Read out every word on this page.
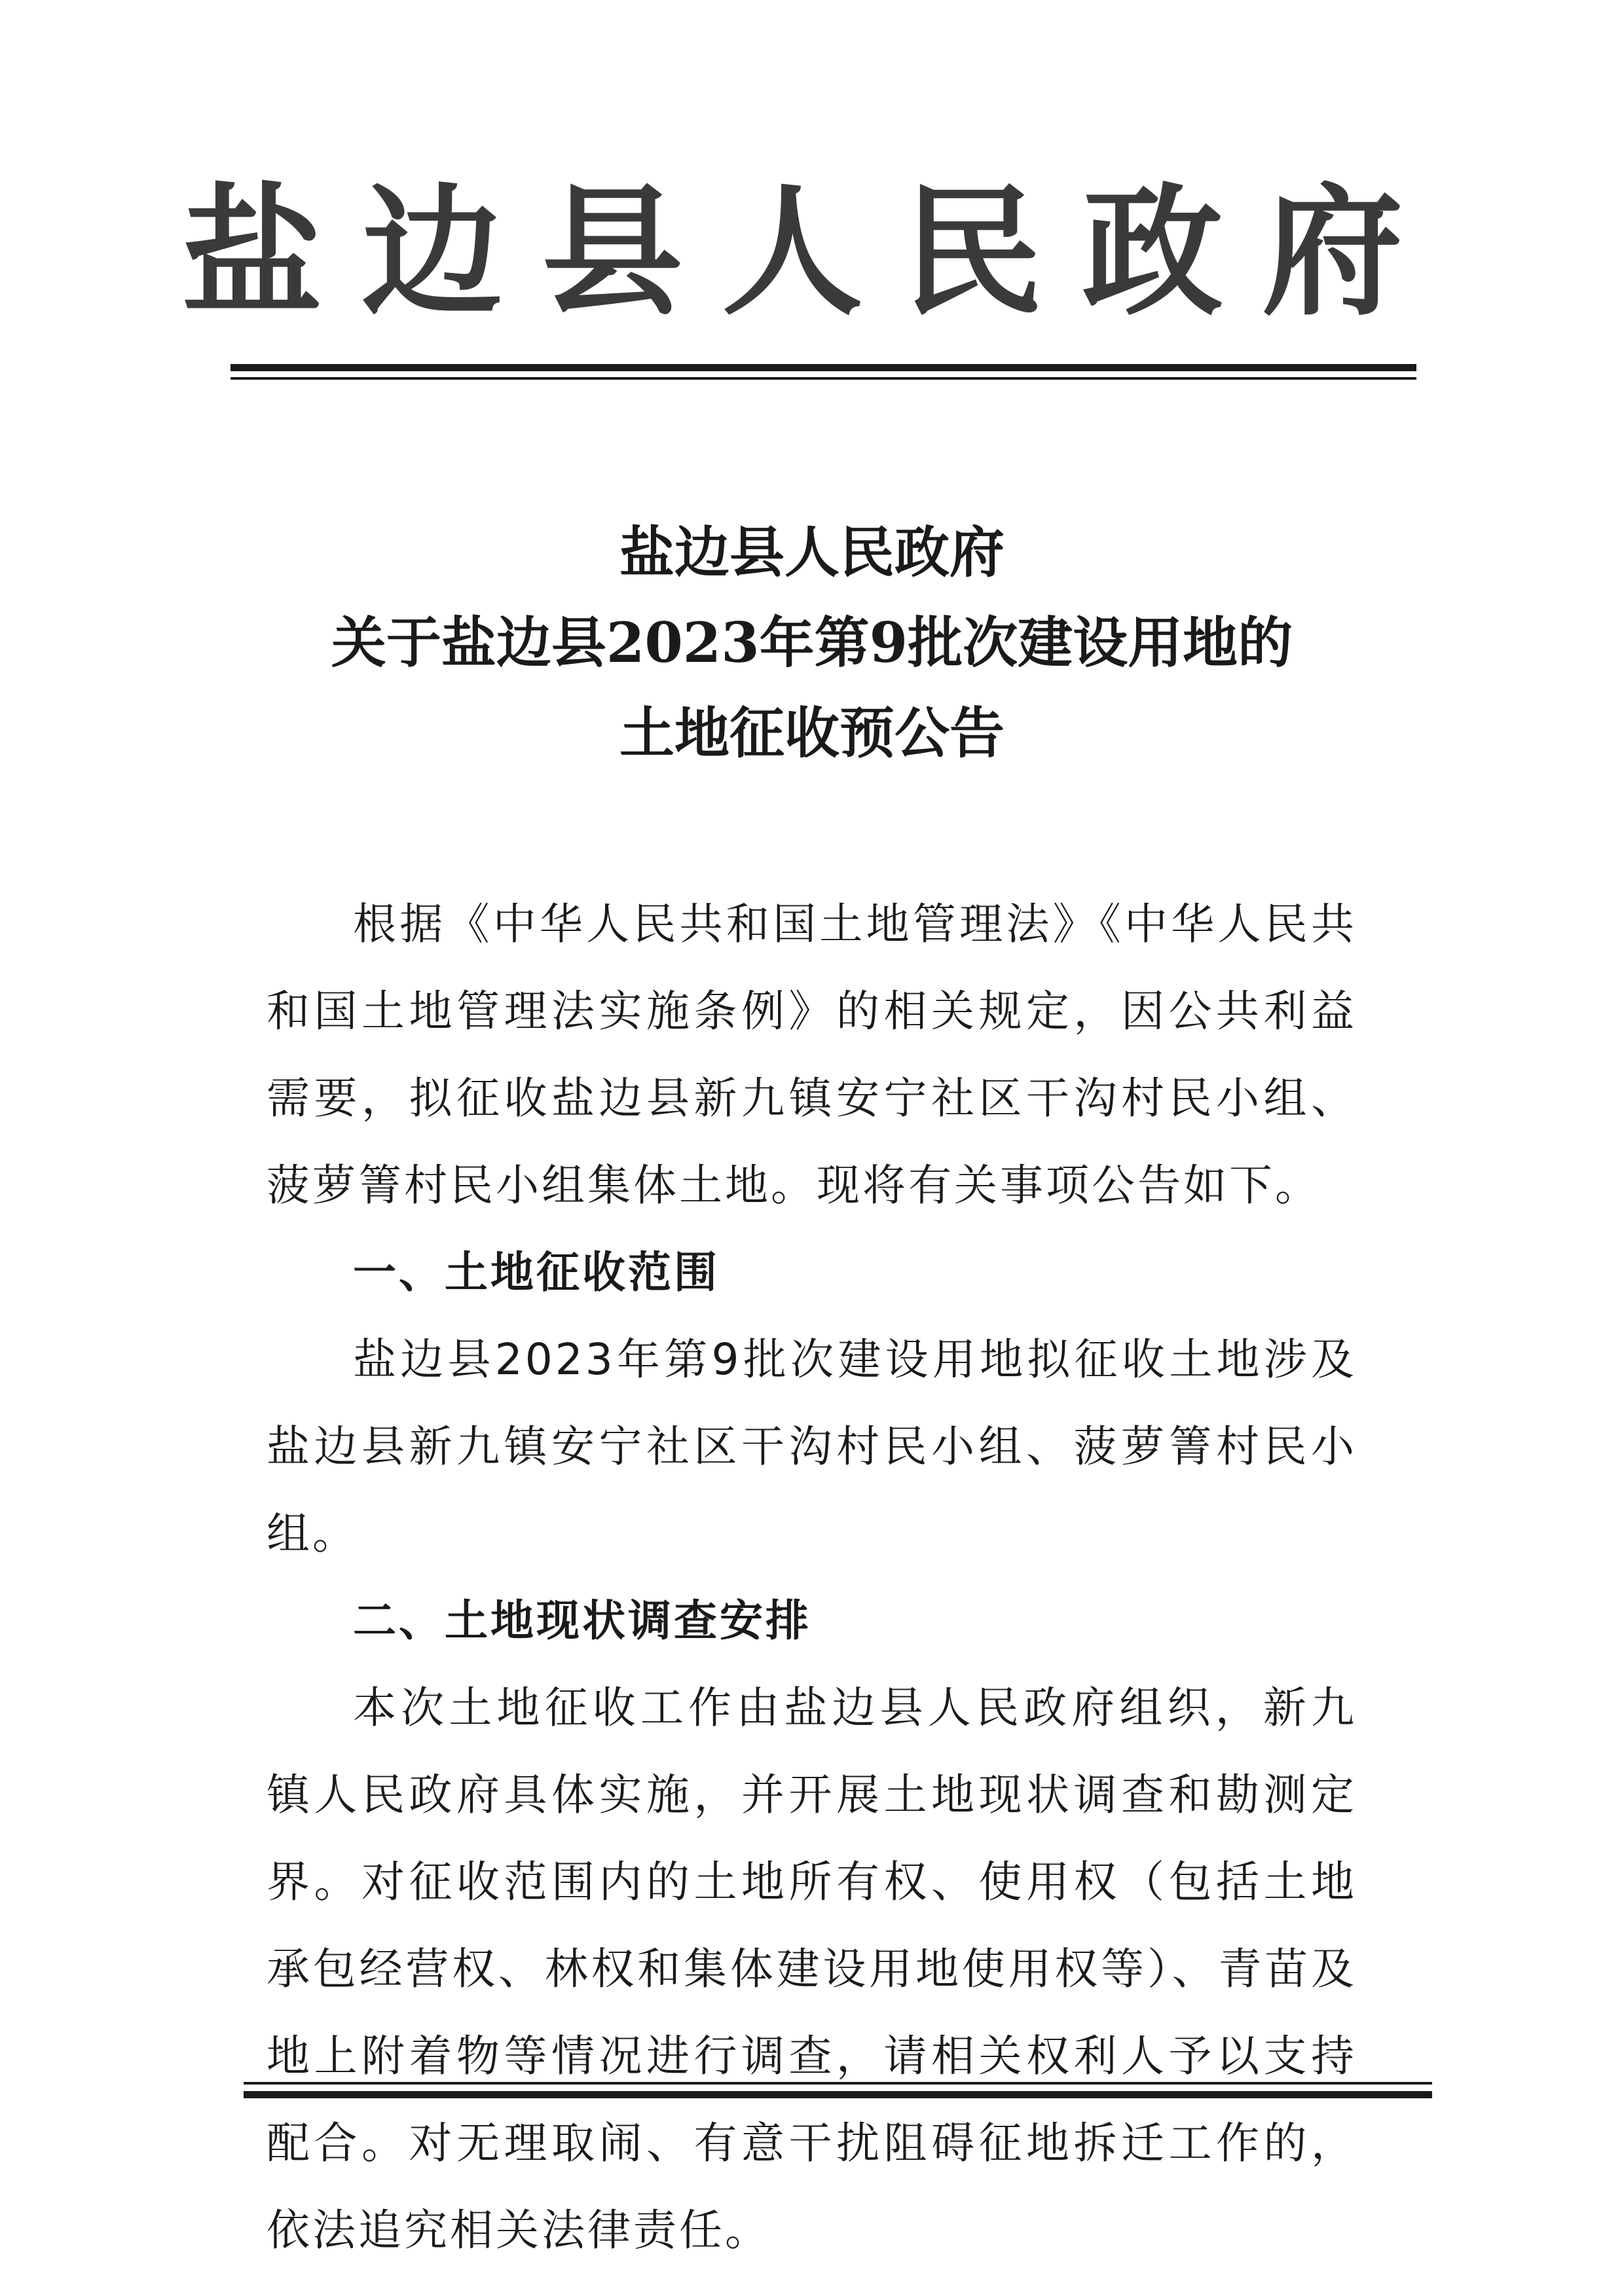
盐边县人民政府
盐边县人民政府
关于盐边县2023年第9批次建设用地的
土地征收预公告

根据《中华人民共和国土地管理法》《中华人民共和国土地管理法实施条例》的相关规定，因公共利益需要，拟征收盐边县新九镇安宁社区干沟村民小组、菠萝箐村民小组集体土地。现将有关事项公告如下。

一、土地征收范围

盐边县2023年第9批次建设用地拟征收土地涉及盐边县新九镇安宁社区干沟村民小组、菠萝箐村民小组。

二、土地现状调查安排

本次土地征收工作由盐边县人民政府组织，新九镇人民政府具体实施，并开展土地现状调查和勘测定界。对征收范围内的土地所有权、使用权（包括土地承包经营权、林权和集体建设用地使用权等）、青苗及地上附着物等情况进行调查，请相关权利人予以支持配合。对无理取闹、有意干扰阻碍征地拆迁工作的，依法追究相关法律责任。
